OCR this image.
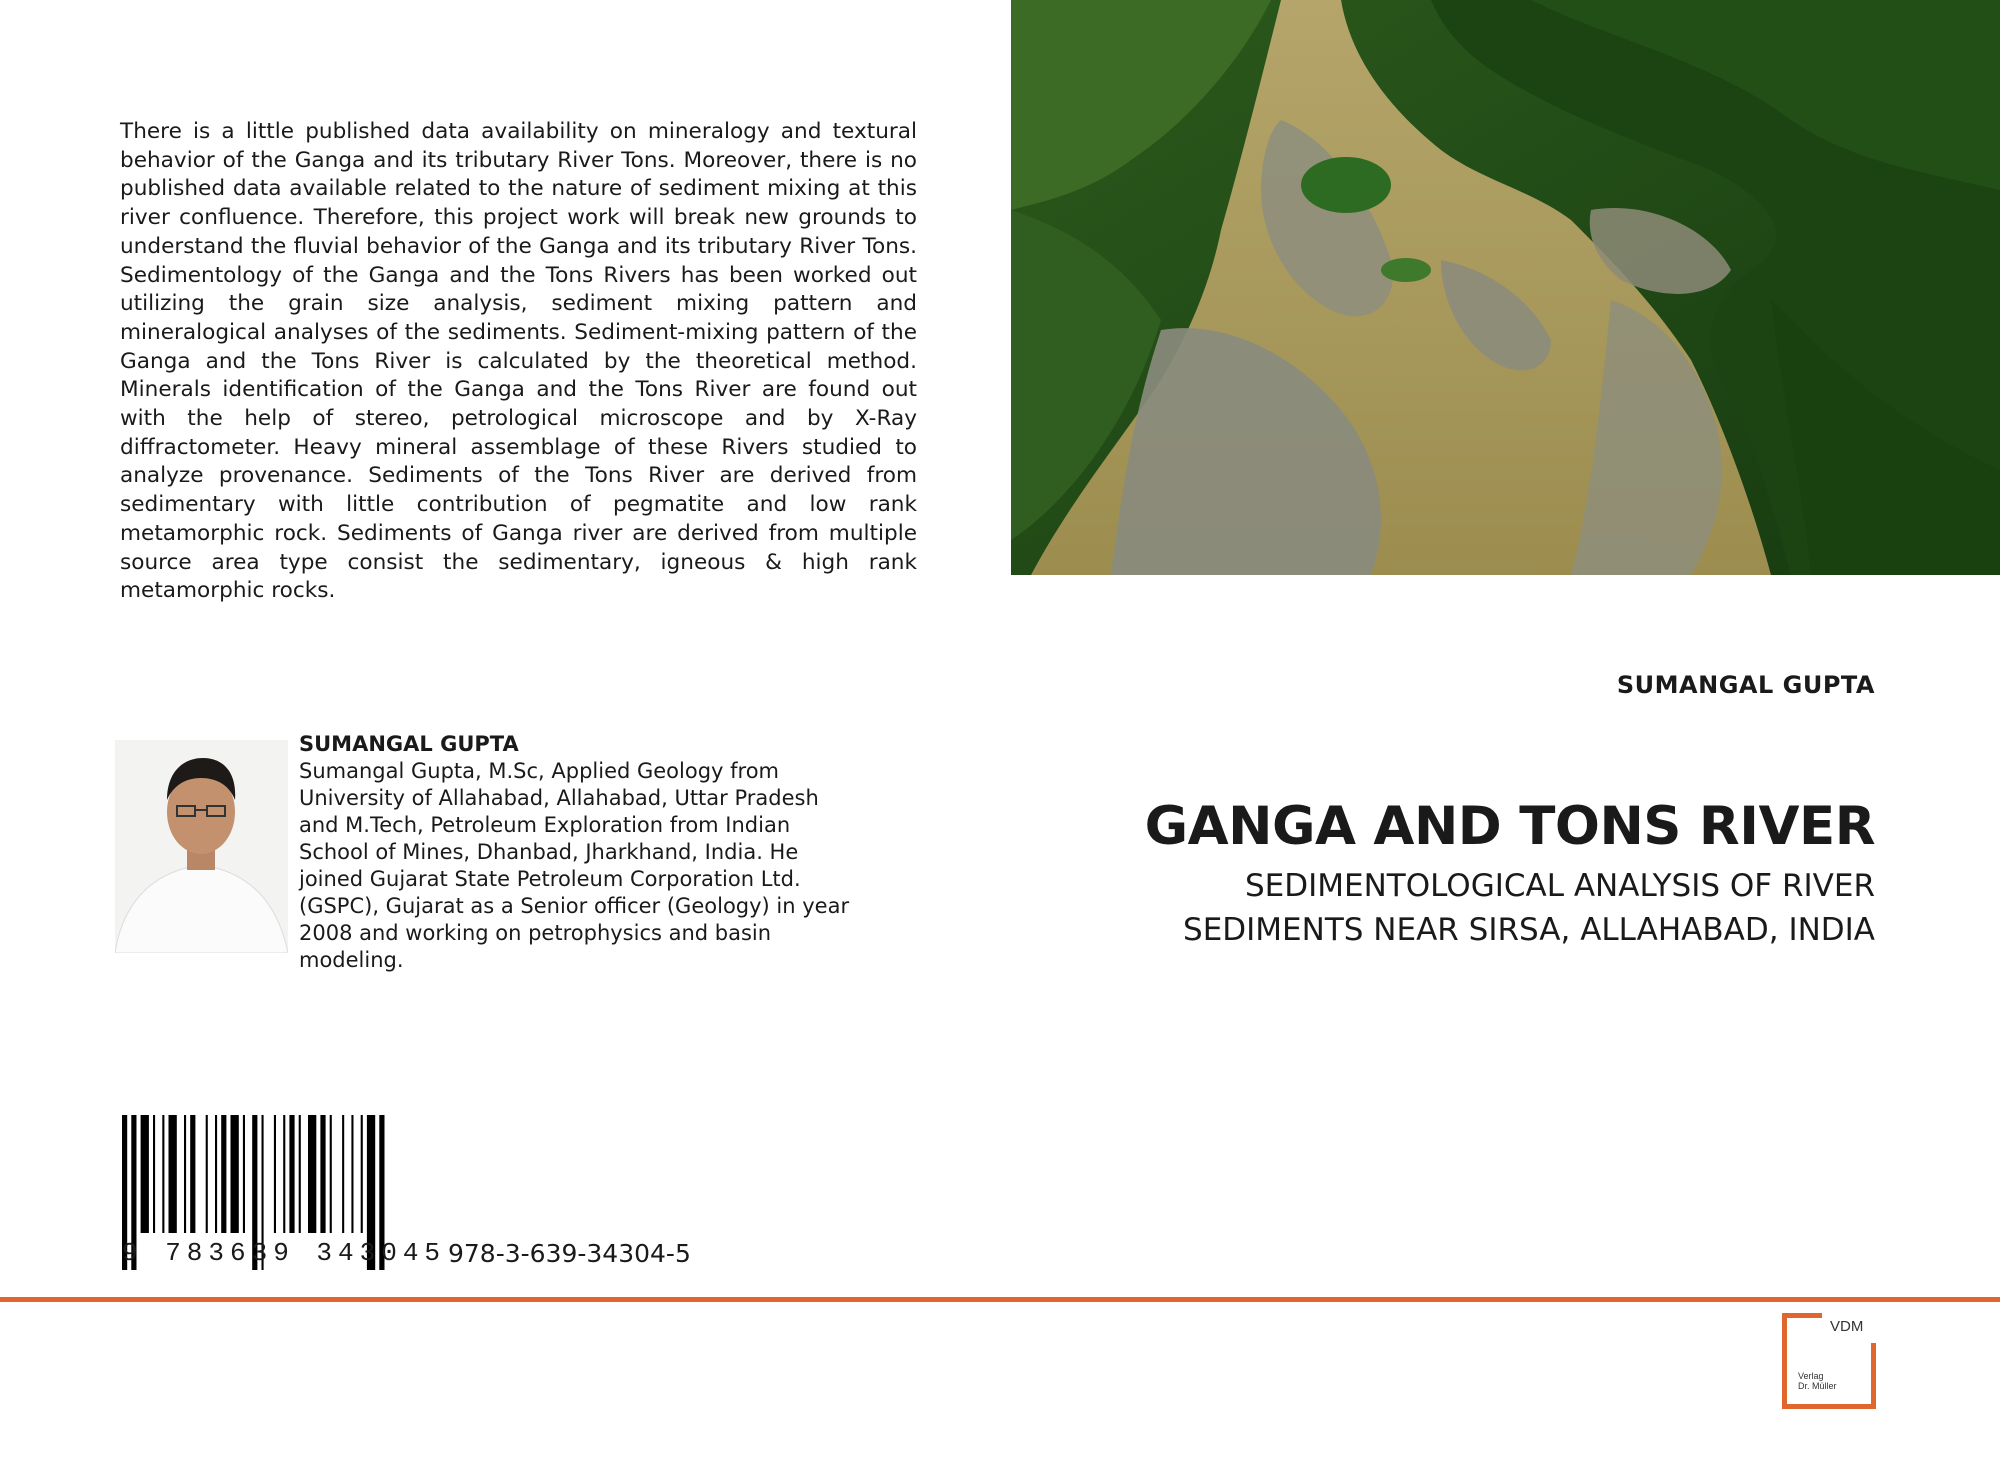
There is a little published data availability on mineralogy and textural behavior of the Ganga and its tributary River Tons. Moreover, there is no published data available related to the nature of sediment mixing at this river confluence. Therefore, this project work will break new grounds to understand the fluvial behavior of the Ganga and its tributary River Tons. Sedimentology of the Ganga and the Tons Rivers has been worked out utilizing the grain size analysis, sediment mixing pattern and mineralogical analyses of the sediments. Sediment-mixing pattern of the Ganga and the Tons River is calculated by the theoretical method. Minerals identification of the Ganga and the Tons River are found out with the help of stereo, petrological microscope and by X-Ray diffractometer. Heavy mineral assemblage of these Rivers studied to analyze provenance. Sediments of the Tons River are derived from sedimentary with little contribution of pegmatite and low rank metamorphic rock. Sediments of Ganga river are derived from multiple source area type consist the sedimentary, igneous & high rank metamorphic rocks.

SUMANGAL GUPTA
Sumangal Gupta, M.Sc, Applied Geology from University of Allahabad, Allahabad, Uttar Pradesh and M.Tech, Petroleum Exploration from Indian School of Mines, Dhanbad, Jharkhand, India. He joined Gujarat State Petroleum Corporation Ltd. (GSPC), Gujarat as a Senior officer (Geology) in year 2008 and working on petrophysics and basin modeling.

SUMANGAL GUPTA
GANGA AND TONS RIVER
SEDIMENTOLOGICAL ANALYSIS OF RIVER
SEDIMENTS NEAR SIRSA, ALLAHABAD, INDIA
9 783639 343045 978-3-639-34304-5
VDM
Verlag
Dr. Müller
